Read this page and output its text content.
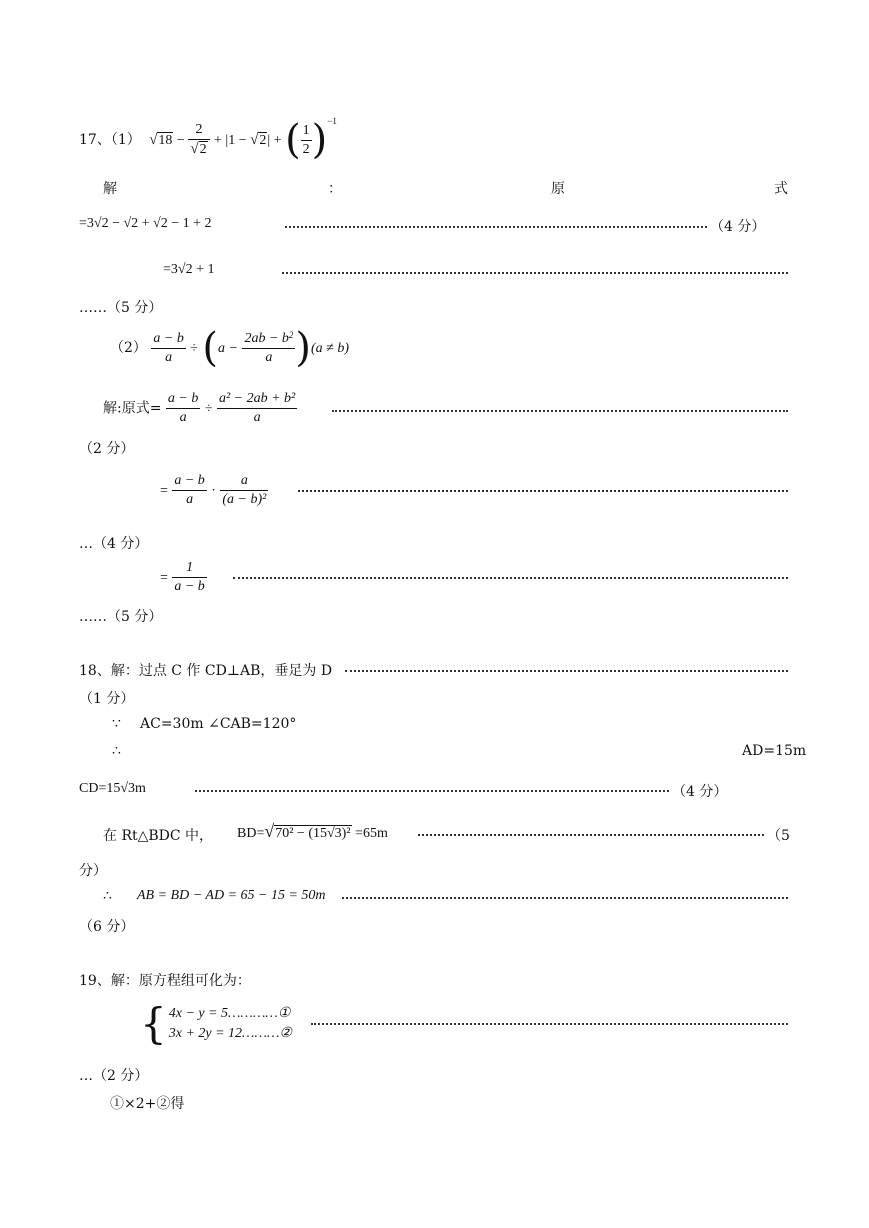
17、（1） $√18 - \frac{2}{√2} + |1 - √2|$ + ( $\frac{1}{2} )^{-1}$
解	：	原	式
=3√2 − √2 + √2 − 1 + 2	（4 分）
=3√2 + 1
……（5 分）
$(2) \frac{a - b}{a} \div (a - \frac{2ab - b^2}{a} )(a \ne b)$
解:原式= $\frac{a - b}{a} \div \frac{\text{a² − 2ab + b²}}{a}$
（2 分）
= $\frac{a - b}{a} \cdot \frac{a}{\text{(a − b)²}}$
…（4 分）
= $\frac{1}{a - b}$
……（5 分）
18、解：过点 C 作 CD⊥AB，垂足为 D
（1 分）
∵ AC=30m ∠CAB=120°
∴	AD=15m
CD=15√3m	（4 分）
在 Rt△BDC 中， BD=√70² − (15√3)² =65m	（5
分）
∴ AB = BD − AD = 65 − 15 = 50m
（6 分）
19、解：原方程组可化为：
{ 4x − y = 5…………①
3x + 2y = 12………②
…（2 分）
①×2+②得
